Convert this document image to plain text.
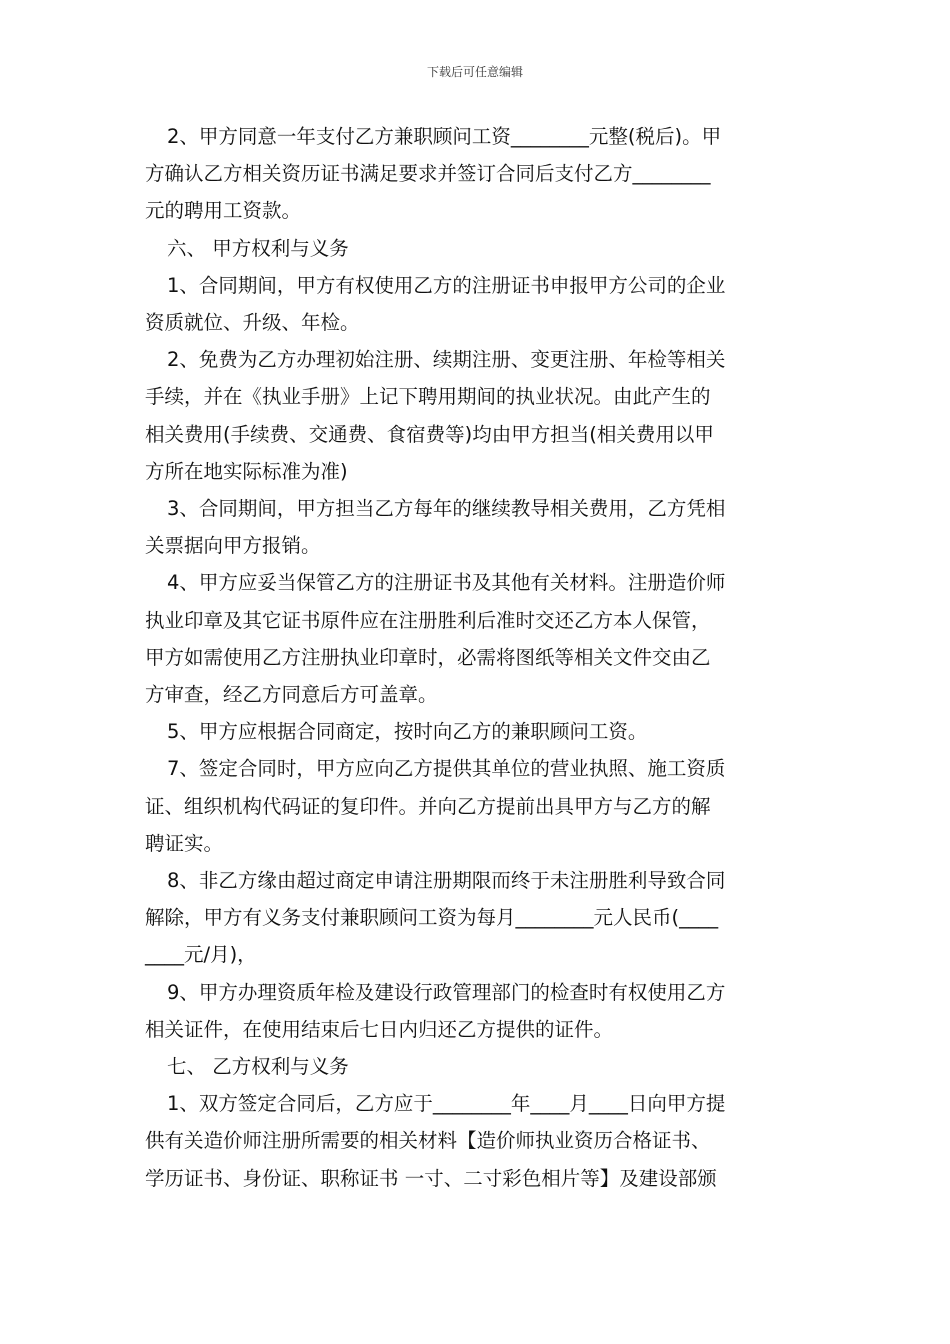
下载后可任意编辑
2、甲方同意一年支付乙方兼职顾问工资________元整(税后)。甲
方确认乙方相关资历证书满足要求并签订合同后支付乙方________
元的聘用工资款。
六、 甲方权利与义务
1、合同期间，甲方有权使用乙方的注册证书申报甲方公司的企业
资质就位、升级、年检。
2、免费为乙方办理初始注册、续期注册、变更注册、年检等相关
手续，并在《执业手册》上记下聘用期间的执业状况。由此产生的
相关费用(手续费、交通费、食宿费等)均由甲方担当(相关费用以甲
方所在地实际标准为准)
3、合同期间，甲方担当乙方每年的继续教导相关费用，乙方凭相
关票据向甲方报销。
4、甲方应妥当保管乙方的注册证书及其他有关材料。注册造价师
执业印章及其它证书原件应在注册胜利后准时交还乙方本人保管，
甲方如需使用乙方注册执业印章时，必需将图纸等相关文件交由乙
方审查，经乙方同意后方可盖章。
5、甲方应根据合同商定，按时向乙方的兼职顾问工资。
7、签定合同时，甲方应向乙方提供其单位的营业执照、施工资质
证、组织机构代码证的复印件。并向乙方提前出具甲方与乙方的解
聘证实。
8、非乙方缘由超过商定申请注册期限而终于未注册胜利导致合同
解除，甲方有义务支付兼职顾问工资为每月________元人民币(____
____元/月)，
9、甲方办理资质年检及建设行政管理部门的检查时有权使用乙方
相关证件，在使用结束后七日内归还乙方提供的证件。
七、 乙方权利与义务
1、双方签定合同后，乙方应于________年____月____日向甲方提
供有关造价师注册所需要的相关材料【造价师执业资历合格证书、
学历证书、身份证、职称证书 一寸、二寸彩色相片等】及建设部颁
